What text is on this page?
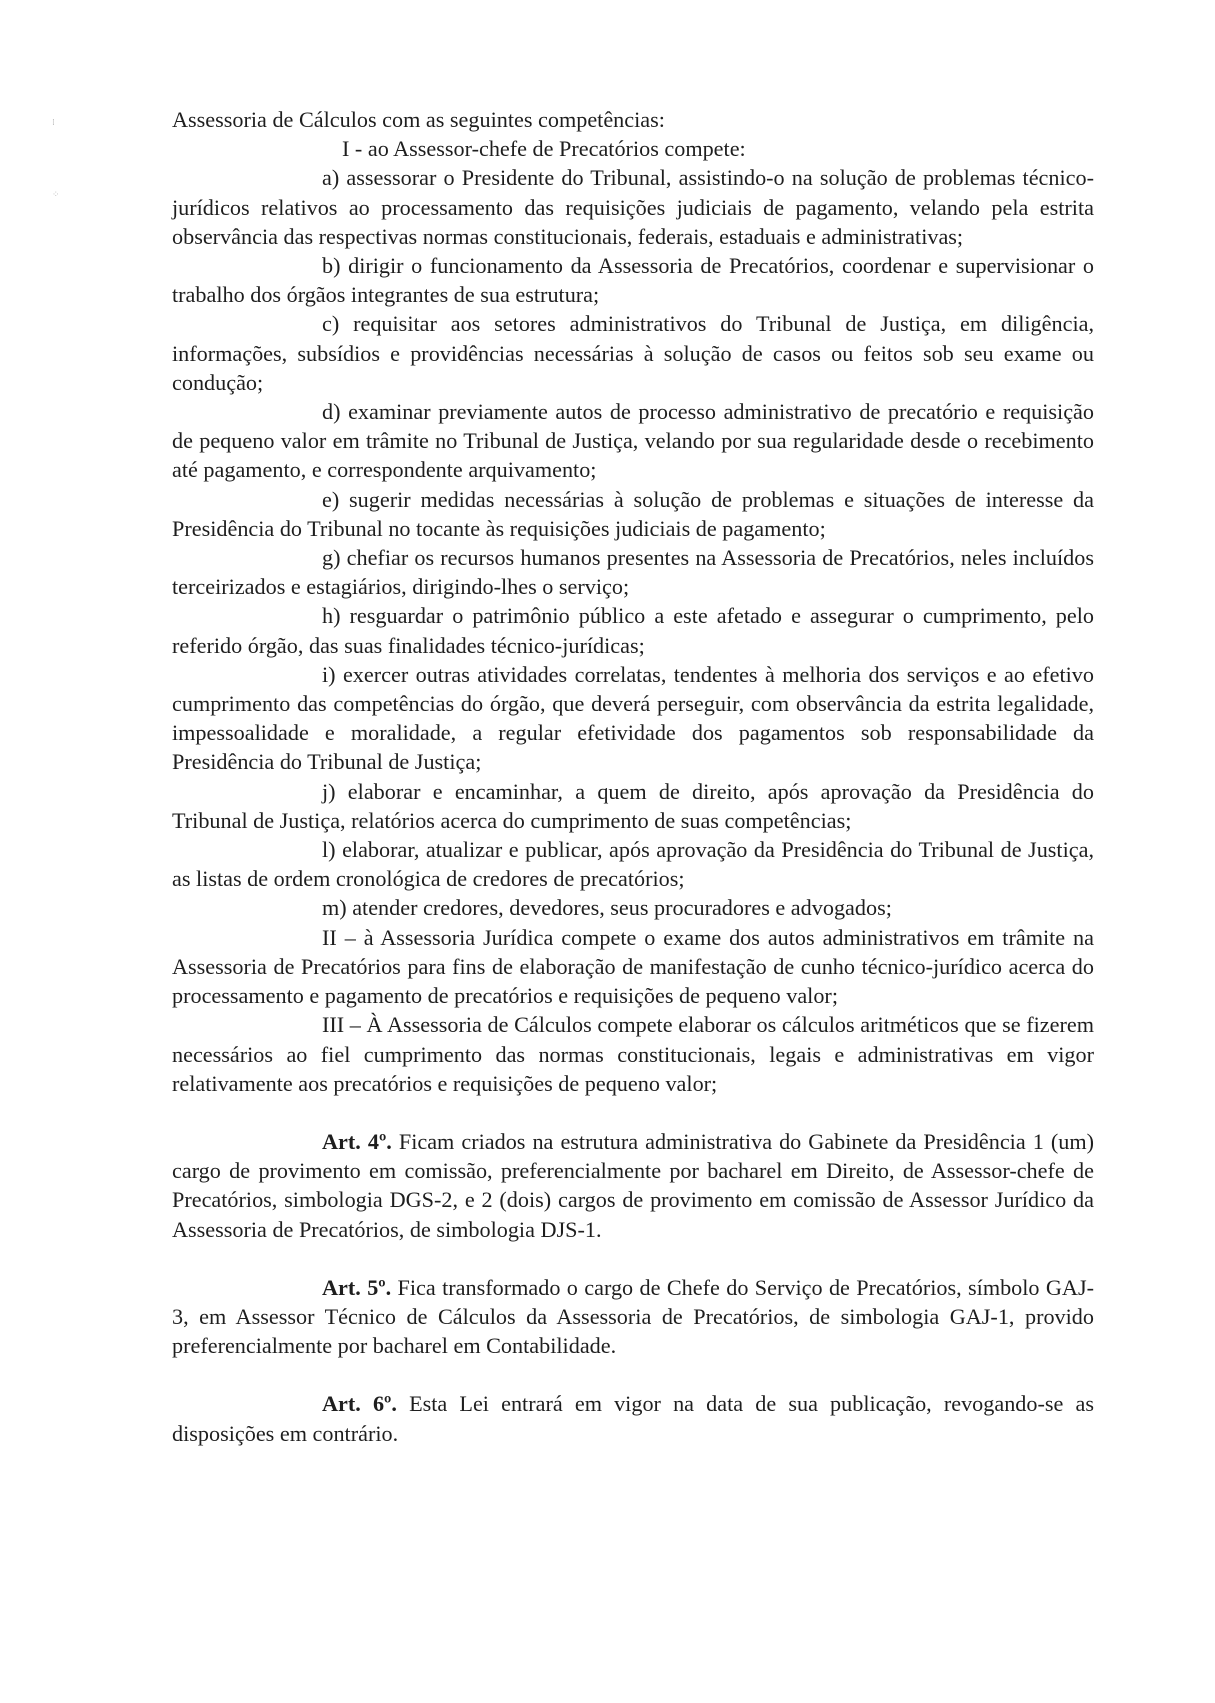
⁞
⁘

Assessoria de Cálculos com as seguintes competências:

I - ao Assessor-chefe de Precatórios compete:

a) assessorar o Presidente do Tribunal, assistindo-o na solução de problemas técnico-jurídicos relativos ao processamento das requisições judiciais de pagamento, velando pela estrita observância das respectivas normas constitucionais, federais, estaduais e administrativas;

b) dirigir o funcionamento da Assessoria de Precatórios, coordenar e supervisionar o trabalho dos órgãos integrantes de sua estrutura;

c) requisitar aos setores administrativos do Tribunal de Justiça, em diligência, informações, subsídios e providências necessárias à solução de casos ou feitos sob seu exame ou condução;

d) examinar previamente autos de processo administrativo de precatório e requisição de pequeno valor em trâmite no Tribunal de Justiça, velando por sua regularidade desde o recebimento até pagamento, e correspondente arquivamento;

e) sugerir medidas necessárias à solução de problemas e situações de interesse da Presidência do Tribunal no tocante às requisições judiciais de pagamento;

g) chefiar os recursos humanos presentes na Assessoria de Precatórios, neles incluídos terceirizados e estagiários, dirigindo-lhes o serviço;

h) resguardar o patrimônio público a este afetado e assegurar o cumprimento, pelo referido órgão, das suas finalidades técnico-jurídicas;

i) exercer outras atividades correlatas, tendentes à melhoria dos serviços e ao efetivo cumprimento das competências do órgão, que deverá perseguir, com observância da estrita legalidade, impessoalidade e moralidade, a regular efetividade dos pagamentos sob responsabilidade da Presidência do Tribunal de Justiça;

j) elaborar e encaminhar, a quem de direito, após aprovação da Presidência do Tribunal de Justiça, relatórios acerca do cumprimento de suas competências;

l) elaborar, atualizar e publicar, após aprovação da Presidência do Tribunal de Justiça, as listas de ordem cronológica de credores de precatórios;

m) atender credores, devedores, seus procuradores e advogados;

II – à Assessoria Jurídica compete o exame dos autos administrativos em trâmite na Assessoria de Precatórios para fins de elaboração de manifestação de cunho técnico-jurídico acerca do processamento e pagamento de precatórios e requisições de pequeno valor;

III – À Assessoria de Cálculos compete elaborar os cálculos aritméticos que se fizerem necessários ao fiel cumprimento das normas constitucionais, legais e administrativas em vigor relativamente aos precatórios e requisições de pequeno valor;

Art. 4º. Ficam criados na estrutura administrativa do Gabinete da Presidência 1 (um) cargo de provimento em comissão, preferencialmente por bacharel em Direito, de Assessor-chefe de Precatórios, simbologia DGS-2, e 2 (dois) cargos de provimento em comissão de Assessor Jurídico da Assessoria de Precatórios, de simbologia DJS-1.

Art. 5º. Fica transformado o cargo de Chefe do Serviço de Precatórios, símbolo GAJ-3, em Assessor Técnico de Cálculos da Assessoria de Precatórios, de simbologia GAJ-1, provido preferencialmente por bacharel em Contabilidade.

Art. 6º. Esta Lei entrará em vigor na data de sua publicação, revogando-se as disposições em contrário.
